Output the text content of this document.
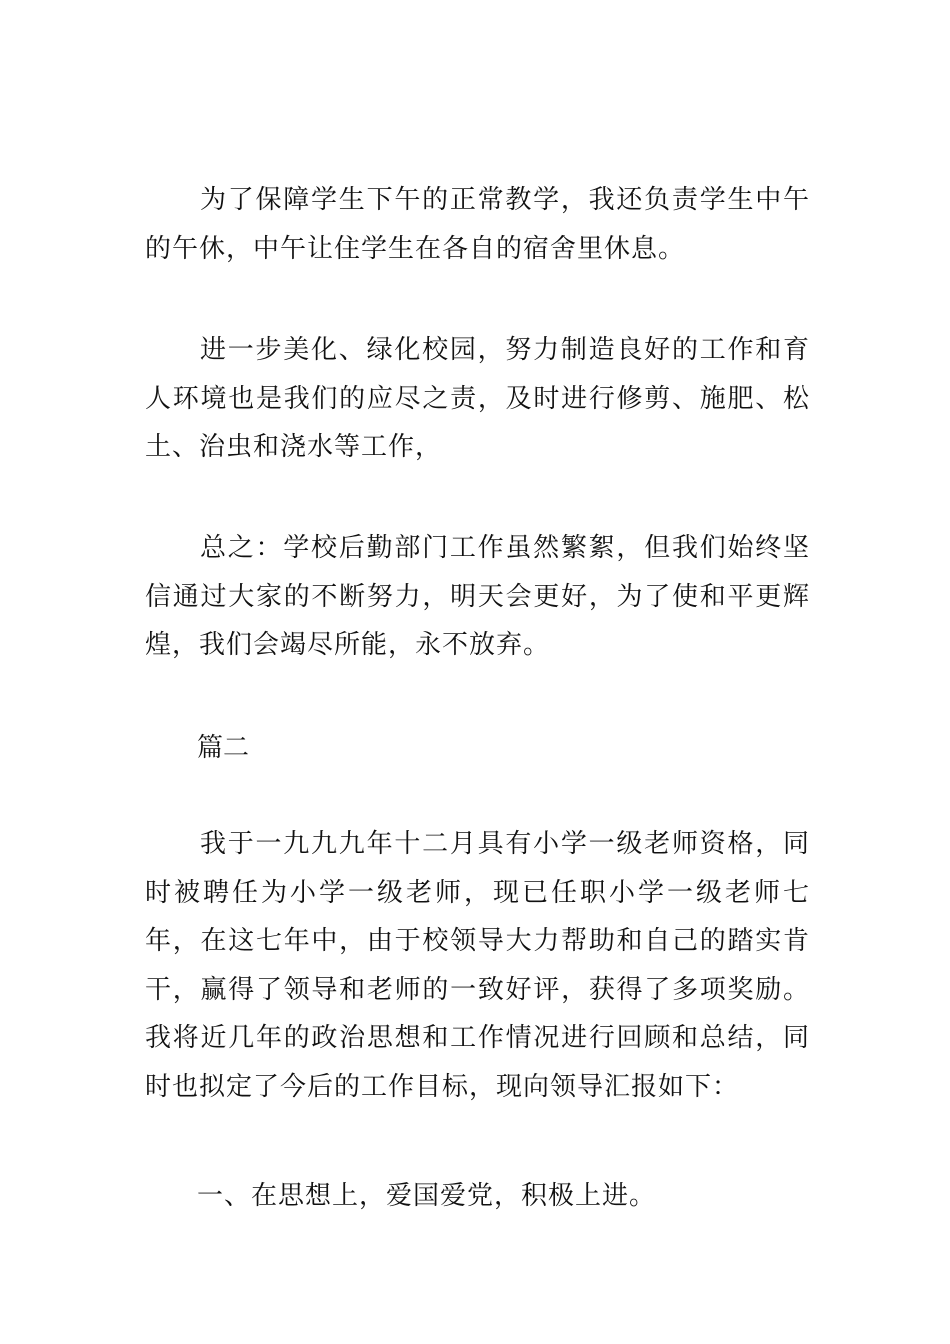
为了保障学生下午的正常教学，我还负责学生中午的午休，中午让住学生在各自的宿舍里休息。

进一步美化、绿化校园，努力制造良好的工作和育人环境也是我们的应尽之责，及时进行修剪、施肥、松土、治虫和浇水等工作，

总之：学校后勤部门工作虽然繁絮，但我们始终坚信通过大家的不断努力，明天会更好，为了使和平更辉煌，我们会竭尽所能，永不放弃。

篇二

我于一九九九年十二月具有小学一级老师资格，同时被聘任为小学一级老师，现已任职小学一级老师七年，在这七年中，由于校领导大力帮助和自己的踏实肯干，赢得了领导和老师的一致好评，获得了多项奖励。我将近几年的政治思想和工作情况进行回顾和总结，同时也拟定了今后的工作目标，现向领导汇报如下：

一、在思想上，爱国爱党，积极上进。
